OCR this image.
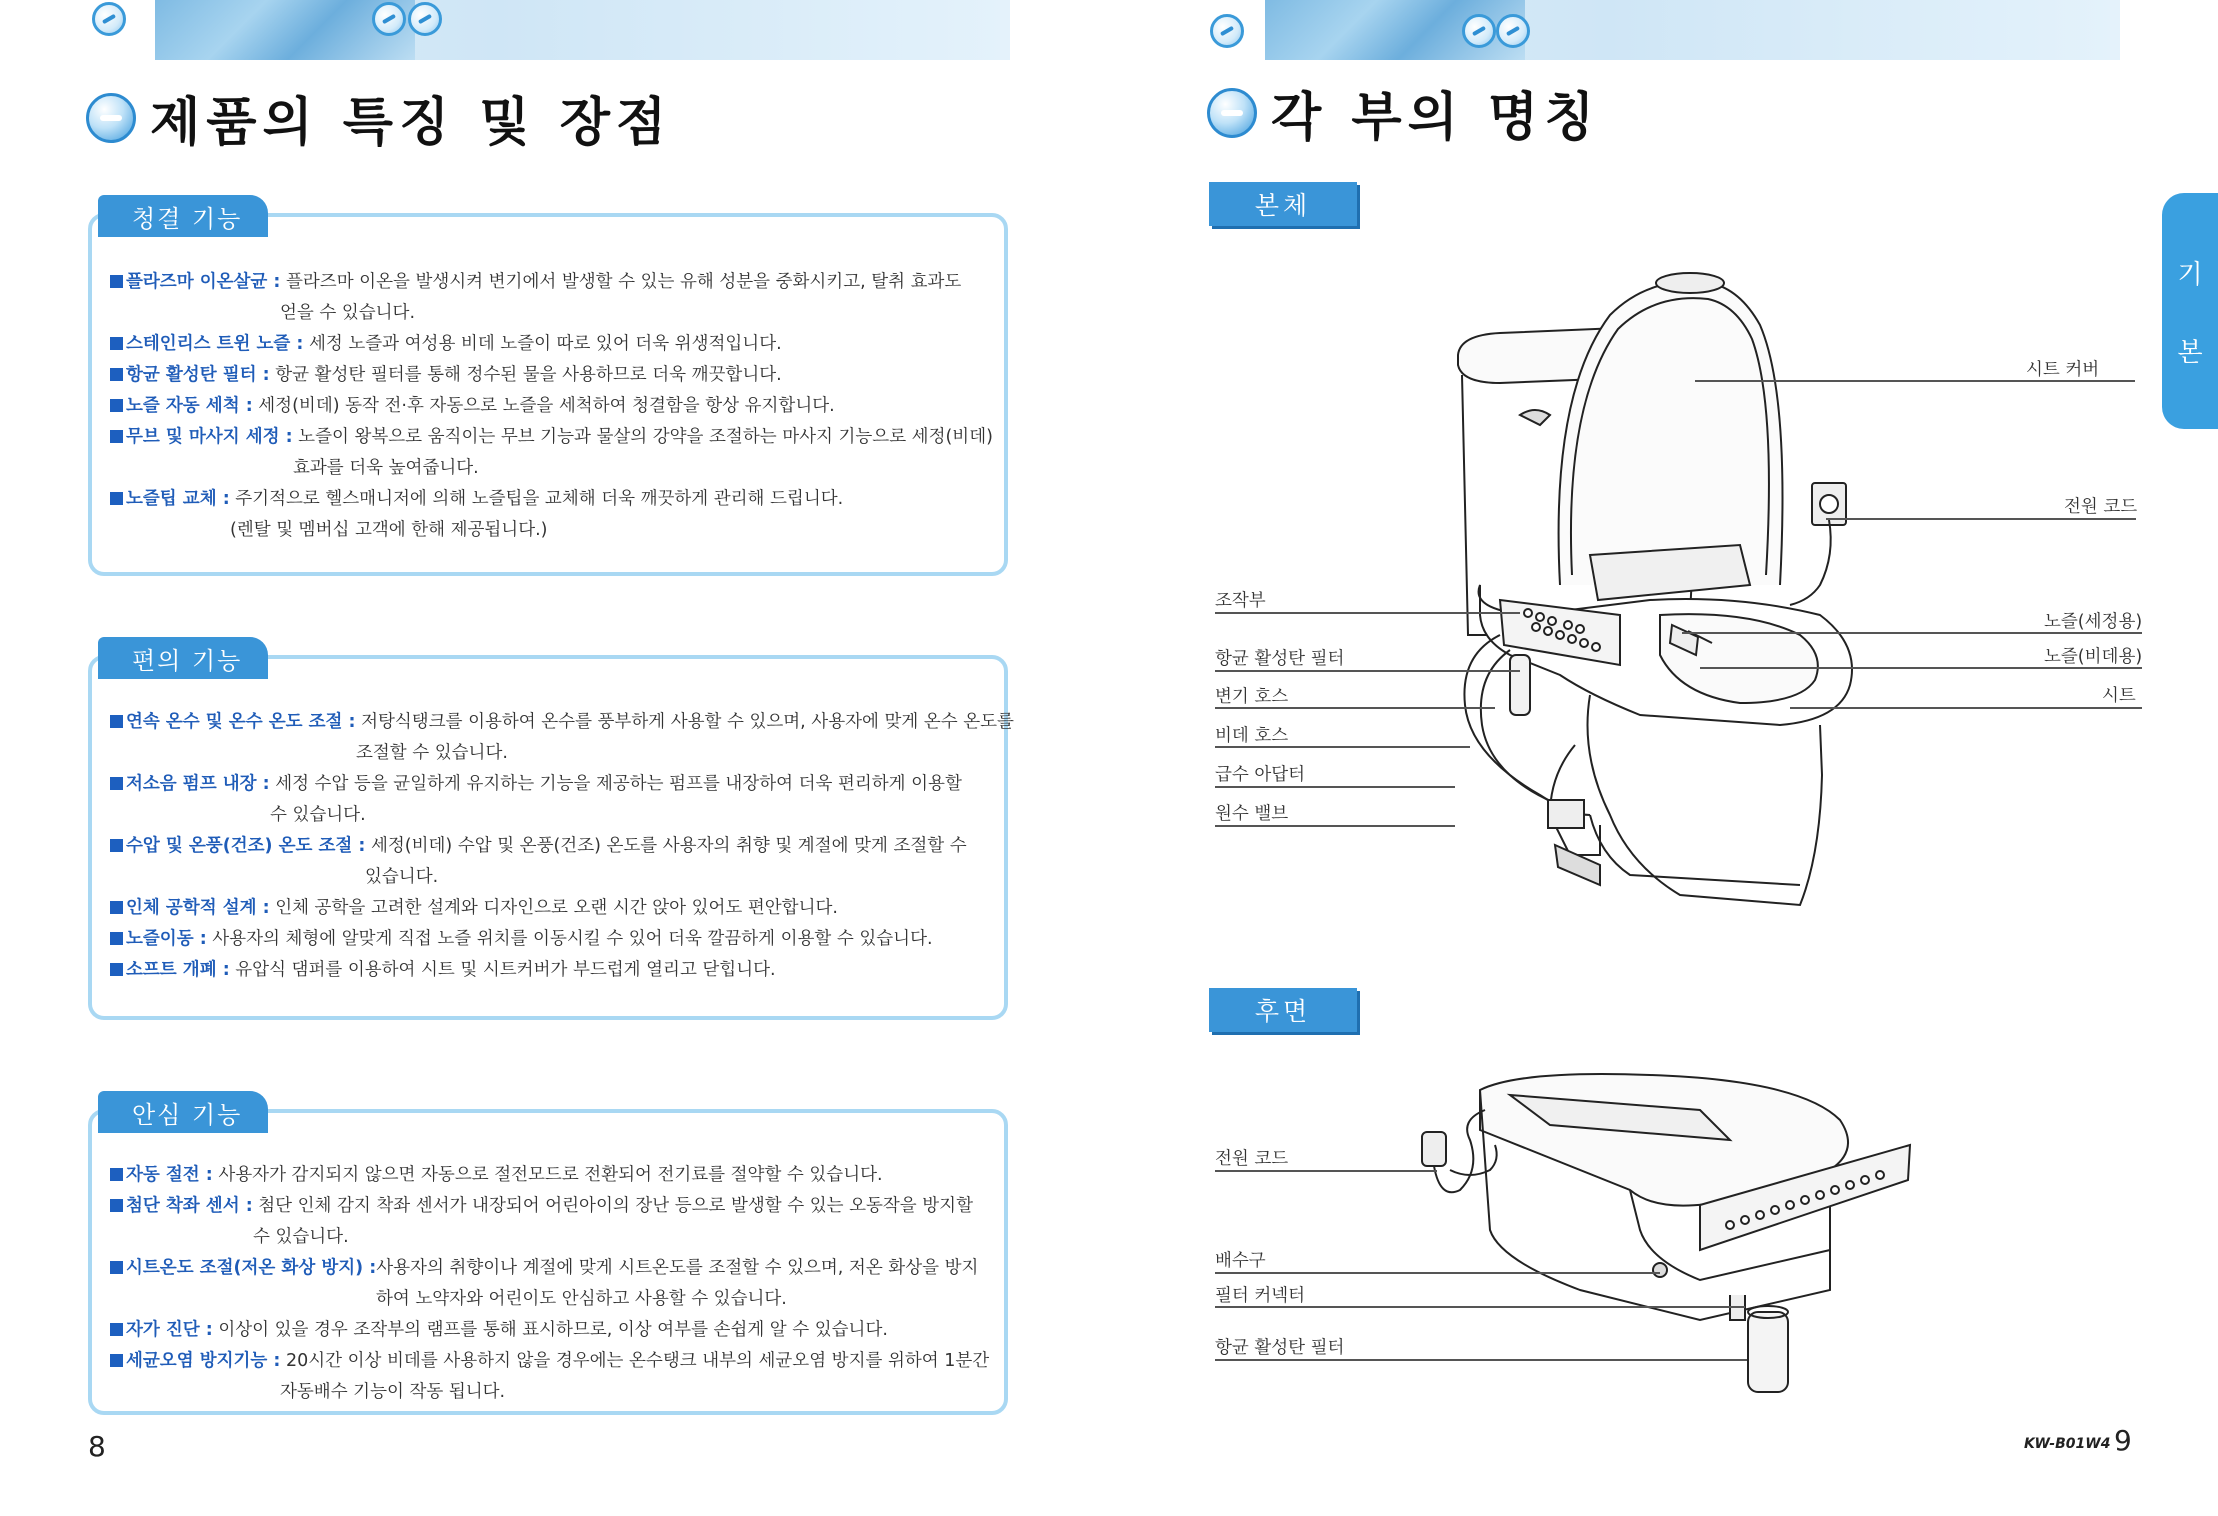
제품의 특징 및 장점
청결 기능
플라즈마 이온살균 : 플라즈마 이온을 발생시켜 변기에서 발생할 수 있는 유해 성분을 중화시키고, 탈취 효과도
얻을 수 있습니다.
스테인리스 트윈 노즐 : 세정 노즐과 여성용 비데 노즐이 따로 있어 더욱 위생적입니다.
항균 활성탄 필터 : 항균 활성탄 필터를 통해 정수된 물을 사용하므로 더욱 깨끗합니다.
노즐 자동 세척 : 세정(비데) 동작 전·후 자동으로 노즐을 세척하여 청결함을 항상 유지합니다.
무브 및 마사지 세정 : 노즐이 왕복으로 움직이는 무브 기능과 물살의 강약을 조절하는 마사지 기능으로 세정(비데)
효과를 더욱 높여줍니다.
노즐팁 교체 : 주기적으로 헬스매니저에 의해 노즐팁을 교체해 더욱 깨끗하게 관리해 드립니다.
(렌탈 및 멤버십 고객에 한해 제공됩니다.)
편의 기능
연속 온수 및 온수 온도 조절 : 저탕식탱크를 이용하여 온수를 풍부하게 사용할 수 있으며, 사용자에 맞게 온수 온도를
조절할 수 있습니다.
저소음 펌프 내장 : 세정 수압 등을 균일하게 유지하는 기능을 제공하는 펌프를 내장하여 더욱 편리하게 이용할
수 있습니다.
수압 및 온풍(건조) 온도 조절 : 세정(비데) 수압 및 온풍(건조) 온도를 사용자의 취향 및 계절에 맞게 조절할 수
있습니다.
인체 공학적 설계 : 인체 공학을 고려한 설계와 디자인으로 오랜 시간 앉아 있어도 편안합니다.
노즐이동 : 사용자의 체형에 알맞게 직접 노즐 위치를 이동시킬 수 있어 더욱 깔끔하게 이용할 수 있습니다.
소프트 개폐 : 유압식 댐퍼를 이용하여 시트 및 시트커버가 부드럽게 열리고 닫힙니다.
안심 기능
자동 절전 : 사용자가 감지되지 않으면 자동으로 절전모드로 전환되어 전기료를 절약할 수 있습니다.
첨단 착좌 센서 : 첨단 인체 감지 착좌 센서가 내장되어 어린아이의 장난 등으로 발생할 수 있는 오동작을 방지할
수 있습니다.
시트온도 조절(저온 화상 방지) :사용자의 취향이나 계절에 맞게 시트온도를 조절할 수 있으며, 저온 화상을 방지
하여 노약자와 어린이도 안심하고 사용할 수 있습니다.
자가 진단 : 이상이 있을 경우 조작부의 램프를 통해 표시하므로, 이상 여부를 손쉽게 알 수 있습니다.
세균오염 방지기능 : 20시간 이상 비데를 사용하지 않을 경우에는 온수탱크 내부의 세균오염 방지를 위하여 1분간
자동배수 기능이 작동 됩니다.
8
각 부의 명칭
기
본
본체
후면
시트 커버
전원 코드
노즐(세정용)
노즐(비데용)
시트
조작부
항균 활성탄 필터
변기 호스
비데 호스
급수 아답터
원수 밸브
전원 코드
배수구
필터 커넥터
항균 활성탄 필터
KW-B01W4 9
